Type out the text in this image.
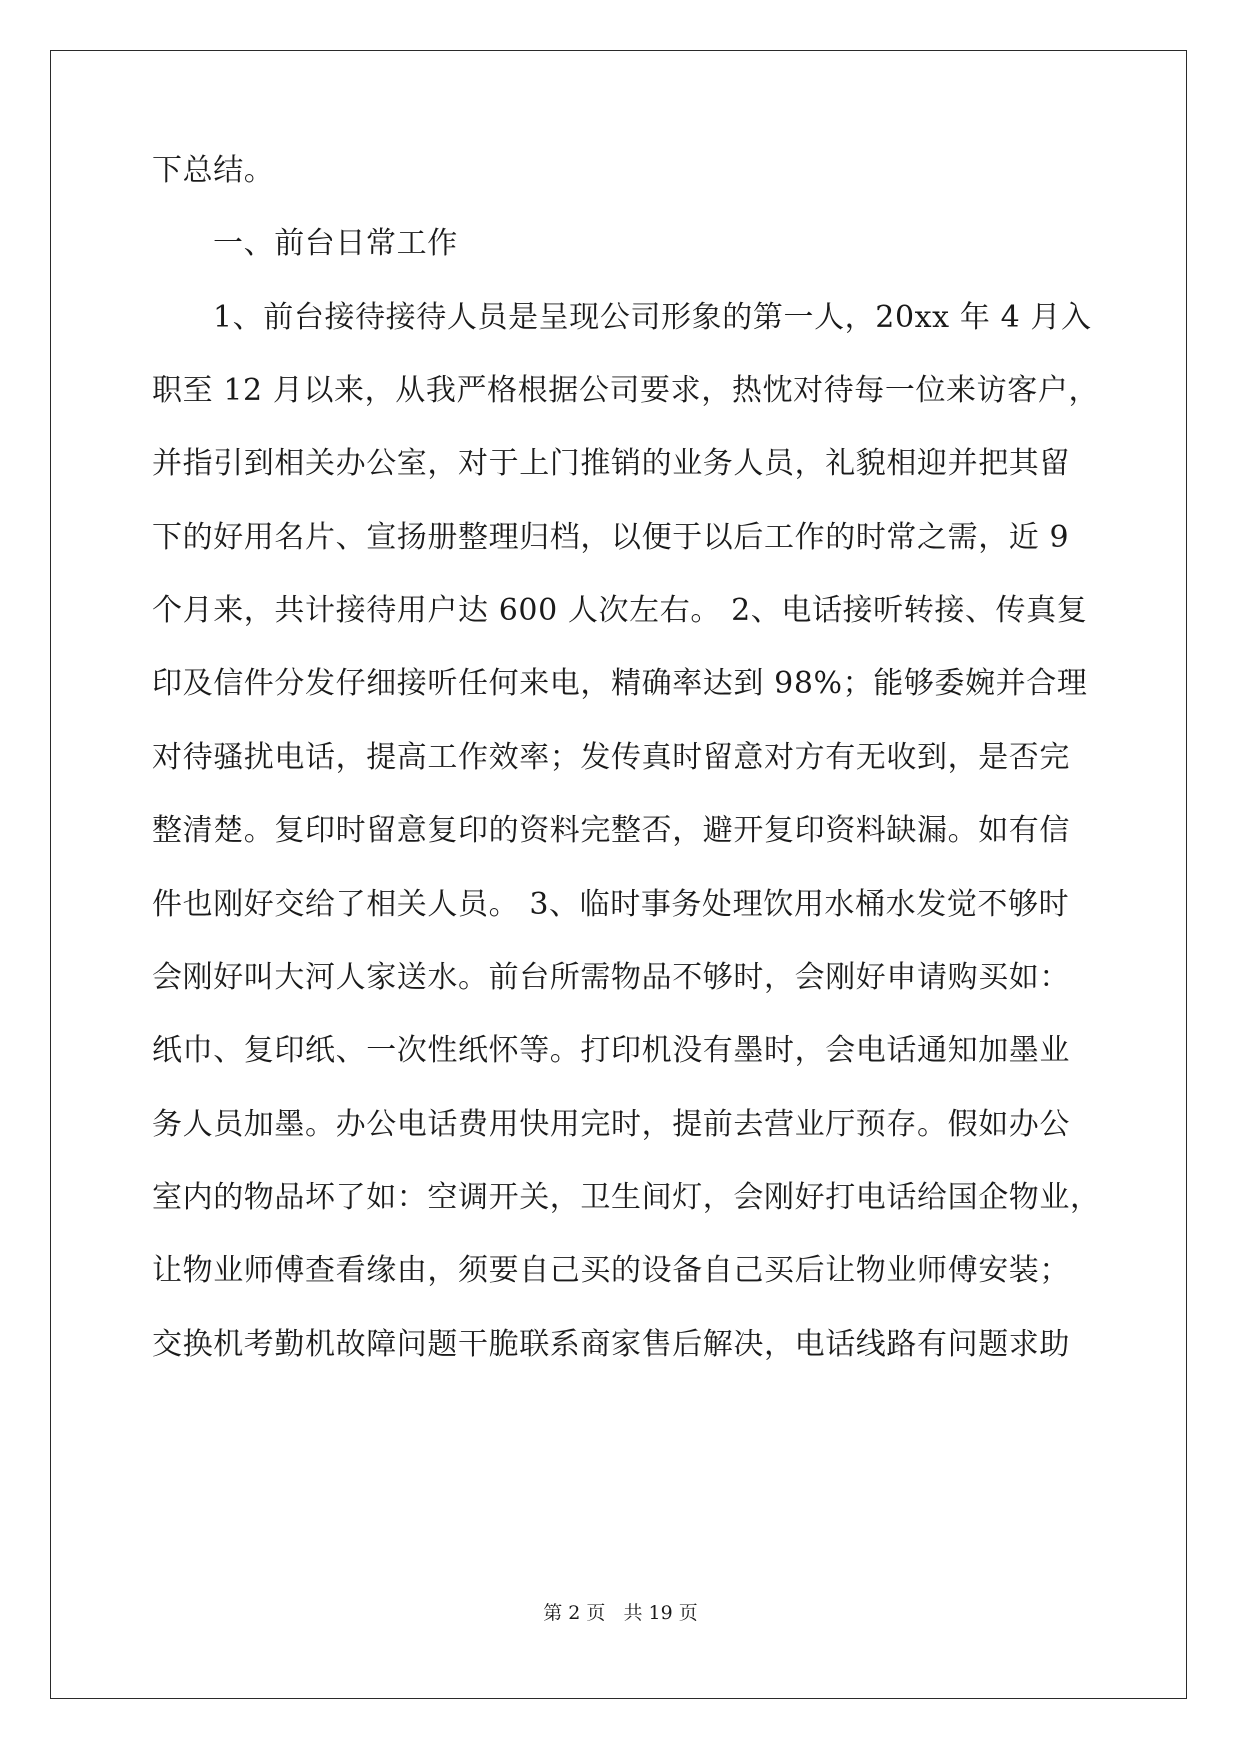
下总结。
一、前台日常工作
1、前台接待接待人员是呈现公司形象的第一人，20xx 年 4 月入
职至 12 月以来，从我严格根据公司要求，热忱对待每一位来访客户，
并指引到相关办公室，对于上门推销的业务人员，礼貌相迎并把其留
下的好用名片、宣扬册整理归档，以便于以后工作的时常之需，近 9
个月来，共计接待用户达 600 人次左右。 2、电话接听转接、传真复
印及信件分发仔细接听任何来电，精确率达到 98%；能够委婉并合理
对待骚扰电话，提高工作效率；发传真时留意对方有无收到，是否完
整清楚。复印时留意复印的资料完整否，避开复印资料缺漏。如有信
件也刚好交给了相关人员。 3、临时事务处理饮用水桶水发觉不够时
会刚好叫大河人家送水。前台所需物品不够时，会刚好申请购买如：
纸巾、复印纸、一次性纸怀等。打印机没有墨时，会电话通知加墨业
务人员加墨。办公电话费用快用完时，提前去营业厅预存。假如办公
室内的物品坏了如：空调开关，卫生间灯，会刚好打电话给国企物业，
让物业师傅查看缘由，须要自己买的设备自己买后让物业师傅安装；
交换机考勤机故障问题干脆联系商家售后解决，电话线路有问题求助
第 2 页   共 19 页
